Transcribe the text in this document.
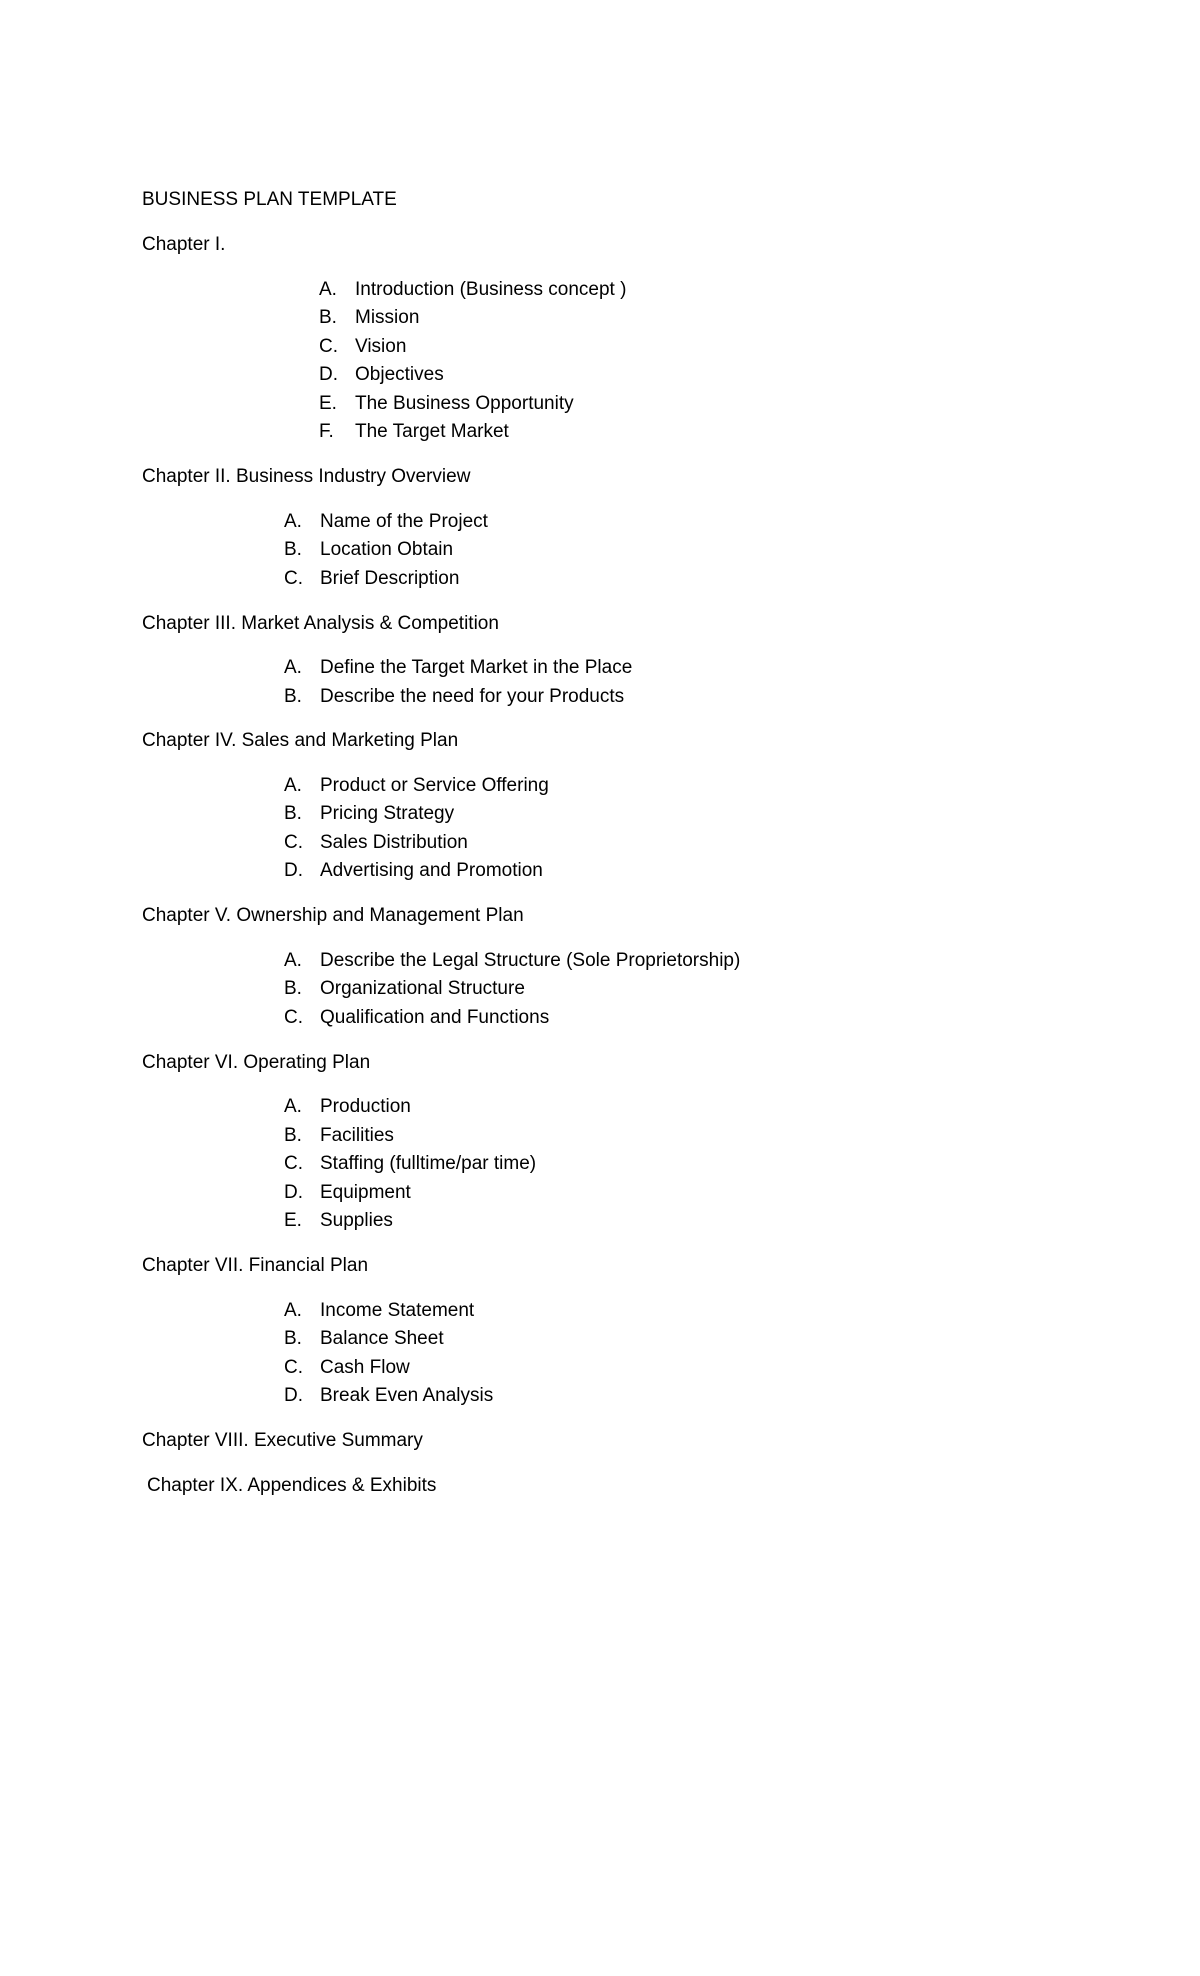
BUSINESS PLAN TEMPLATE
Chapter I.
A. Introduction (Business concept )
B. Mission
C. Vision
D. Objectives
E. The Business Opportunity
F. The Target Market
Chapter II. Business Industry Overview
A. Name of the Project
B. Location Obtain
C. Brief Description
Chapter III. Market Analysis & Competition
A. Define the Target Market in the Place
B. Describe the need for your Products
Chapter IV. Sales and Marketing Plan
A. Product or Service Offering
B. Pricing Strategy
C. Sales Distribution
D. Advertising and Promotion
Chapter V. Ownership and Management Plan
A. Describe the Legal Structure (Sole Proprietorship)
B. Organizational Structure
C. Qualification and Functions
Chapter VI. Operating Plan
A. Production
B. Facilities
C. Staffing (fulltime/par time)
D. Equipment
E. Supplies
Chapter VII. Financial Plan
A. Income Statement
B. Balance Sheet
C. Cash Flow
D. Break Even Analysis
Chapter VIII. Executive Summary
Chapter IX. Appendices & Exhibits
